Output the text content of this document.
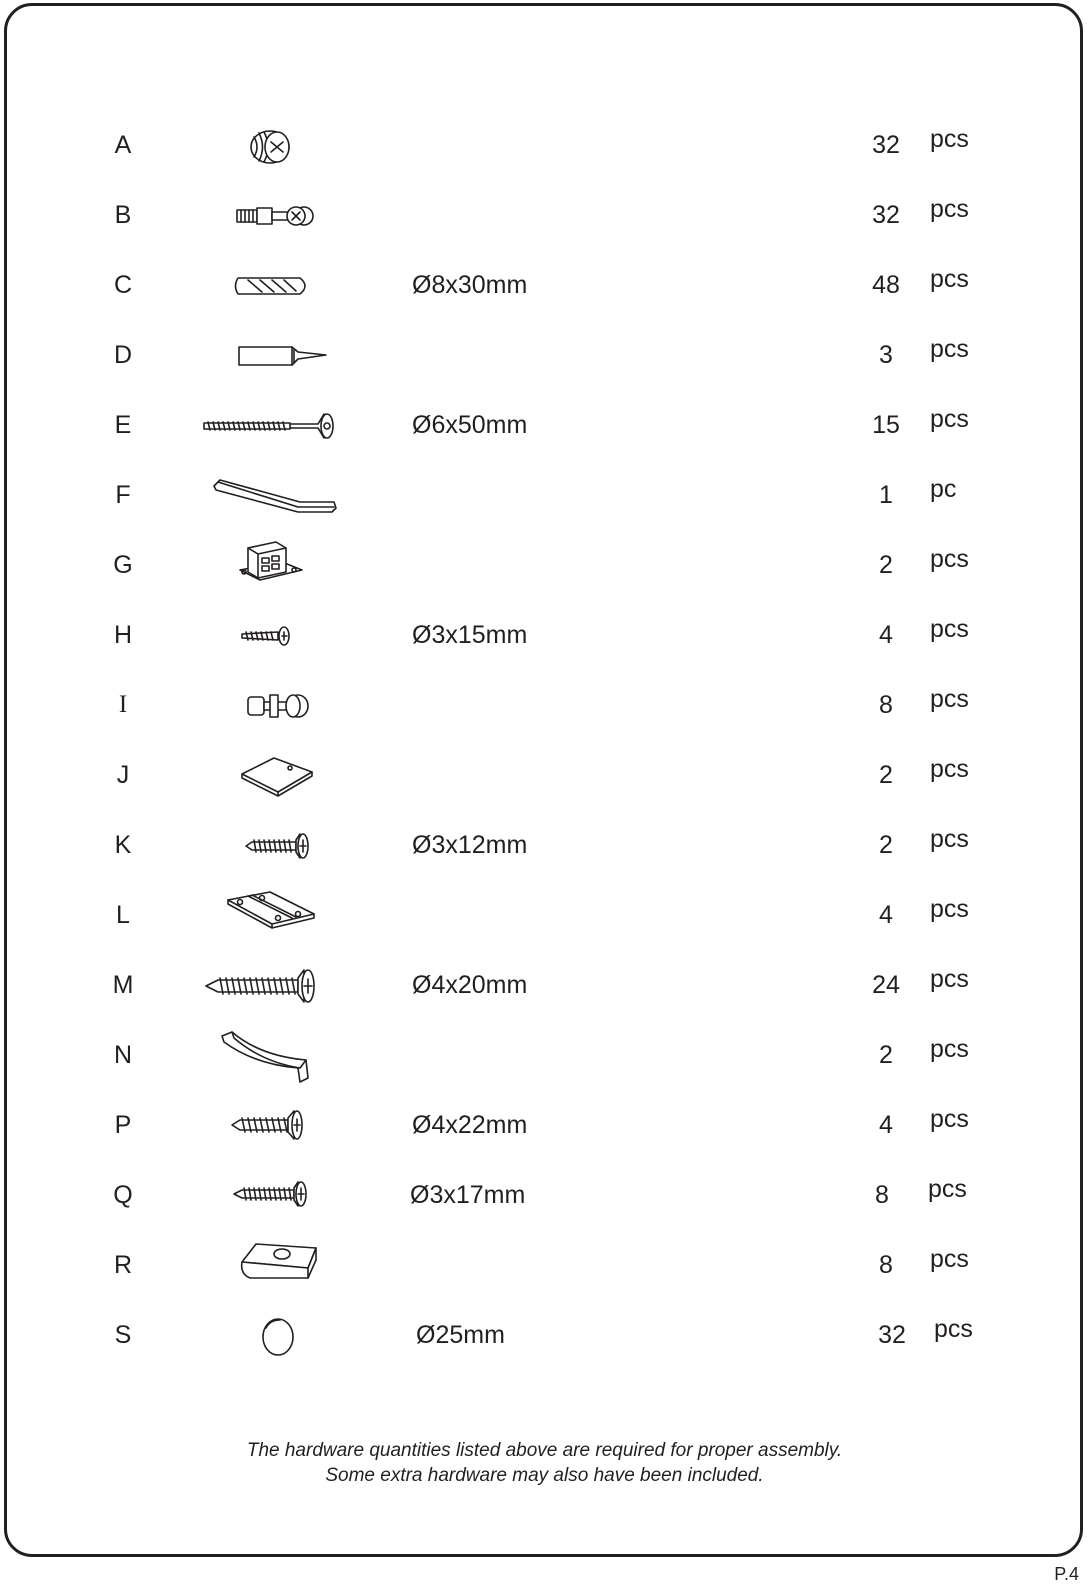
A	32	pcs
B	32	pcs
C	Ø8x30mm	48	pcs
D	3	pcs
E	Ø6x50mm	15	pcs
F	1	pc
G	2	pcs
H	Ø3x15mm	4	pcs
I	8	pcs
J	2	pcs
K	Ø3x12mm	2	pcs
L	4	pcs
M	Ø4x20mm	24	pcs
N	2	pcs
P	Ø4x22mm	4	pcs
Q	Ø3x17mm	8	pcs
R	8	pcs
S	Ø25mm	32	pcs
The hardware quantities listed above are required for proper assembly.
Some extra hardware may also have been included.
P.4
